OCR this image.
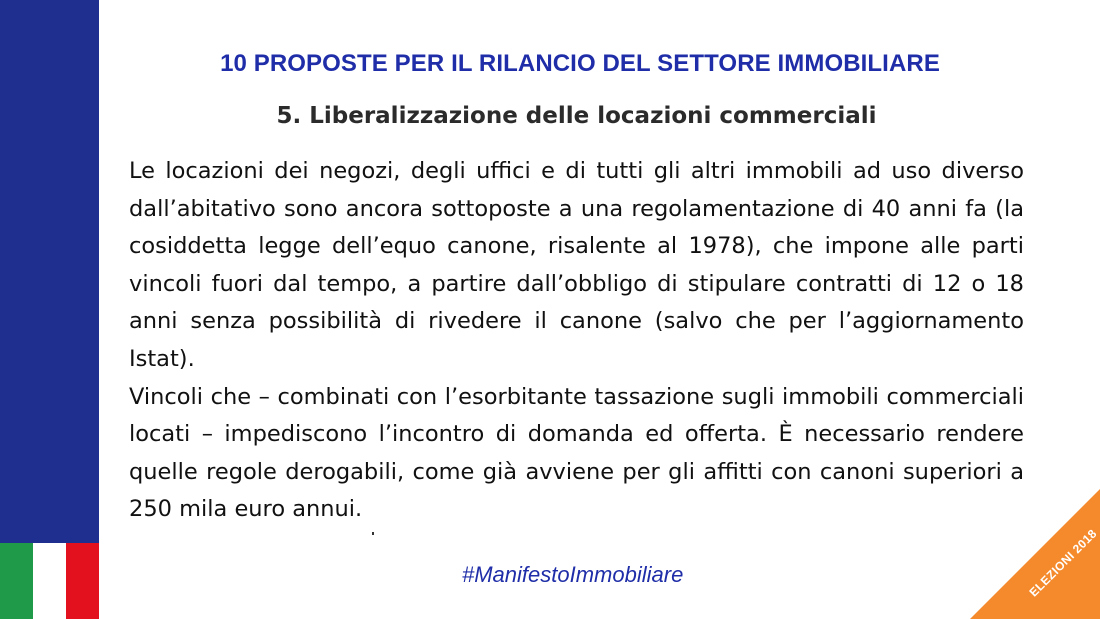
10 PROPOSTE PER IL RILANCIO DEL SETTORE IMMOBILIARE
5. Liberalizzazione delle locazioni commerciali

Le locazioni dei negozi, degli uffici e di tutti gli altri immobili ad uso diverso dall’abitativo sono ancora sottoposte a una regolamentazione di 40 anni fa (la cosiddetta legge dell’equo canone, risalente al 1978), che impone alle parti vincoli fuori dal tempo, a partire dall’obbligo di stipulare contratti di 12 o 18 anni senza possibilità di rivedere il canone (salvo che per l’aggiornamento Istat).

Vincoli che – combinati con l’esorbitante tassazione sugli immobili commerciali locati – impediscono l’incontro di domanda ed offerta. È necessario rendere quelle regole derogabili, come già avviene per gli affitti con canoni superiori a 250 mila euro annui.

#ManifestoImmobiliare	ELEZIONI 2018
